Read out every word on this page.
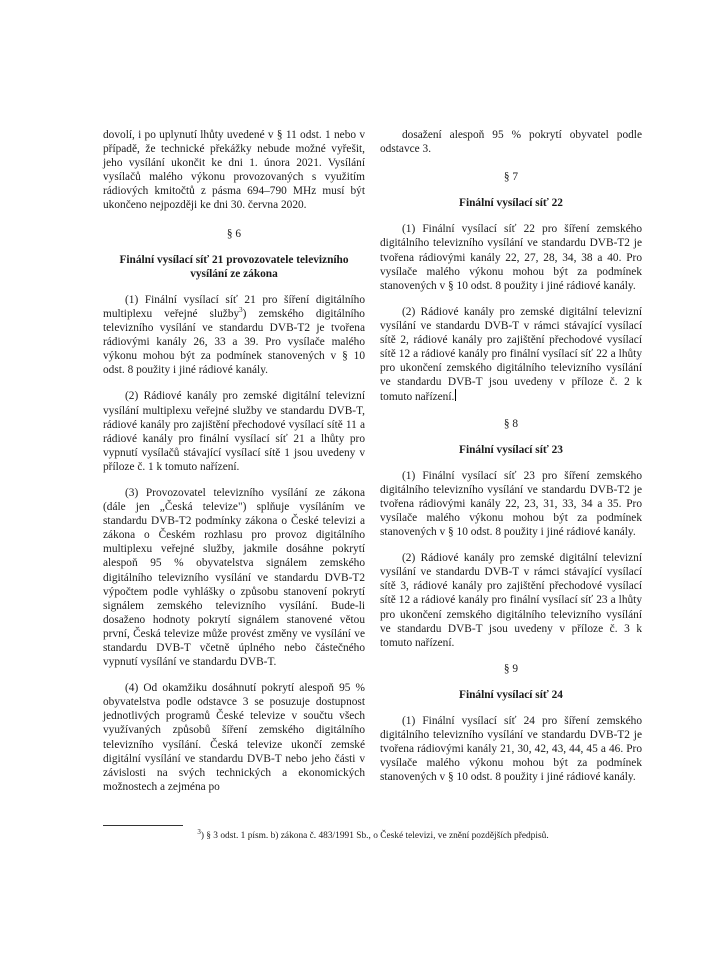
dovolí, i po uplynutí lhůty uvedené v § 11 odst. 1 nebo v případě, že technické překážky nebude možné vyřešit, jeho vysílání ukončit ke dni 1. února 2021. Vysílání vysílačů malého výkonu provozovaných s využitím rádiových kmitočtů z pásma 694–790 MHz musí být ukončeno nejpozději ke dni 30. června 2020.

§ 6

Finální vysílací síť 21 provozovatele televizního vysílání ze zákona

(1) Finální vysílací síť 21 pro šíření digitálního multiplexu veřejné služby$^3$) zemského digitálního televizního vysílání ve standardu DVB-T2 je tvořena rádiovými kanály 26, 33 a 39. Pro vysílače malého výkonu mohou být za podmínek stanovených v § 10 odst. 8 použity i jiné rádiové kanály.

(2) Rádiové kanály pro zemské digitální televizní vysílání multiplexu veřejné služby ve standardu DVB-T, rádiové kanály pro zajištění přechodové vysílací sítě 11 a rádiové kanály pro finální vysílací síť 21 a lhůty pro vypnutí vysílačů stávající vysílací sítě 1 jsou uvedeny v příloze č. 1 k tomuto nařízení.

(3) Provozovatel televizního vysílání ze zákona (dále jen „Česká televize") splňuje vysíláním ve standardu DVB-T2 podmínky zákona o České televizi a zákona o Českém rozhlasu pro provoz digitálního multiplexu veřejné služby, jakmile dosáhne pokrytí alespoň 95 % obyvatelstva signálem zemského digitálního televizního vysílání ve standardu DVB-T2 výpočtem podle vyhlášky o způsobu stanovení pokrytí signálem zemského televizního vysílání. Bude-li dosaženo hodnoty pokrytí signálem stanovené větou první, Česká televize může provést změny ve vysílání ve standardu DVB-T včetně úplného nebo částečného vypnutí vysílání ve standardu DVB-T.

(4) Od okamžiku dosáhnutí pokrytí alespoň 95 % obyvatelstva podle odstavce 3 se posuzuje dostupnost jednotlivých programů České televize v součtu všech využívaných způsobů šíření zemského digitálního televizního vysílání. Česká televize ukončí zemské digitální vysílání ve standardu DVB-T nebo jeho části v závislosti na svých technických a ekonomických možnostech a zejména po

dosažení alespoň 95 % pokrytí obyvatel podle odstavce 3.

§ 7

Finální vysílací síť 22

(1) Finální vysílací síť 22 pro šíření zemského digitálního televizního vysílání ve standardu DVB-T2 je tvořena rádiovými kanály 22, 27, 28, 34, 38 a 40. Pro vysílače malého výkonu mohou být za podmínek stanovených v § 10 odst. 8 použity i jiné rádiové kanály.

(2) Rádiové kanály pro zemské digitální televizní vysílání ve standardu DVB-T v rámci stávající vysílací sítě 2, rádiové kanály pro zajištění přechodové vysílací sítě 12 a rádiové kanály pro finální vysílací síť 22 a lhůty pro ukončení zemského digitálního televizního vysílání ve standardu DVB-T jsou uvedeny v příloze č. 2 k tomuto nařízení.

§ 8

Finální vysílací síť 23

(1) Finální vysílací síť 23 pro šíření zemského digitálního televizního vysílání ve standardu DVB-T2 je tvořena rádiovými kanály 22, 23, 31, 33, 34 a 35. Pro vysílače malého výkonu mohou být za podmínek stanovených v § 10 odst. 8 použity i jiné rádiové kanály.

(2) Rádiové kanály pro zemské digitální televizní vysílání ve standardu DVB-T v rámci stávající vysílací sítě 3, rádiové kanály pro zajištění přechodové vysílací sítě 12 a rádiové kanály pro finální vysílací síť 23 a lhůty pro ukončení zemského digitálního televizního vysílání ve standardu DVB-T jsou uvedeny v příloze č. 3 k tomuto nařízení.

§ 9

Finální vysílací síť 24

(1) Finální vysílací síť 24 pro šíření zemského digitálního televizního vysílání ve standardu DVB-T2 je tvořena rádiovými kanály 21, 30, 42, 43, 44, 45 a 46. Pro vysílače malého výkonu mohou být za podmínek stanovených v § 10 odst. 8 použity i jiné rádiové kanály.

$^3$) § 3 odst. 1 písm. b) zákona č. 483/1991 Sb., o České televizi, ve znění pozdějších předpisů.
